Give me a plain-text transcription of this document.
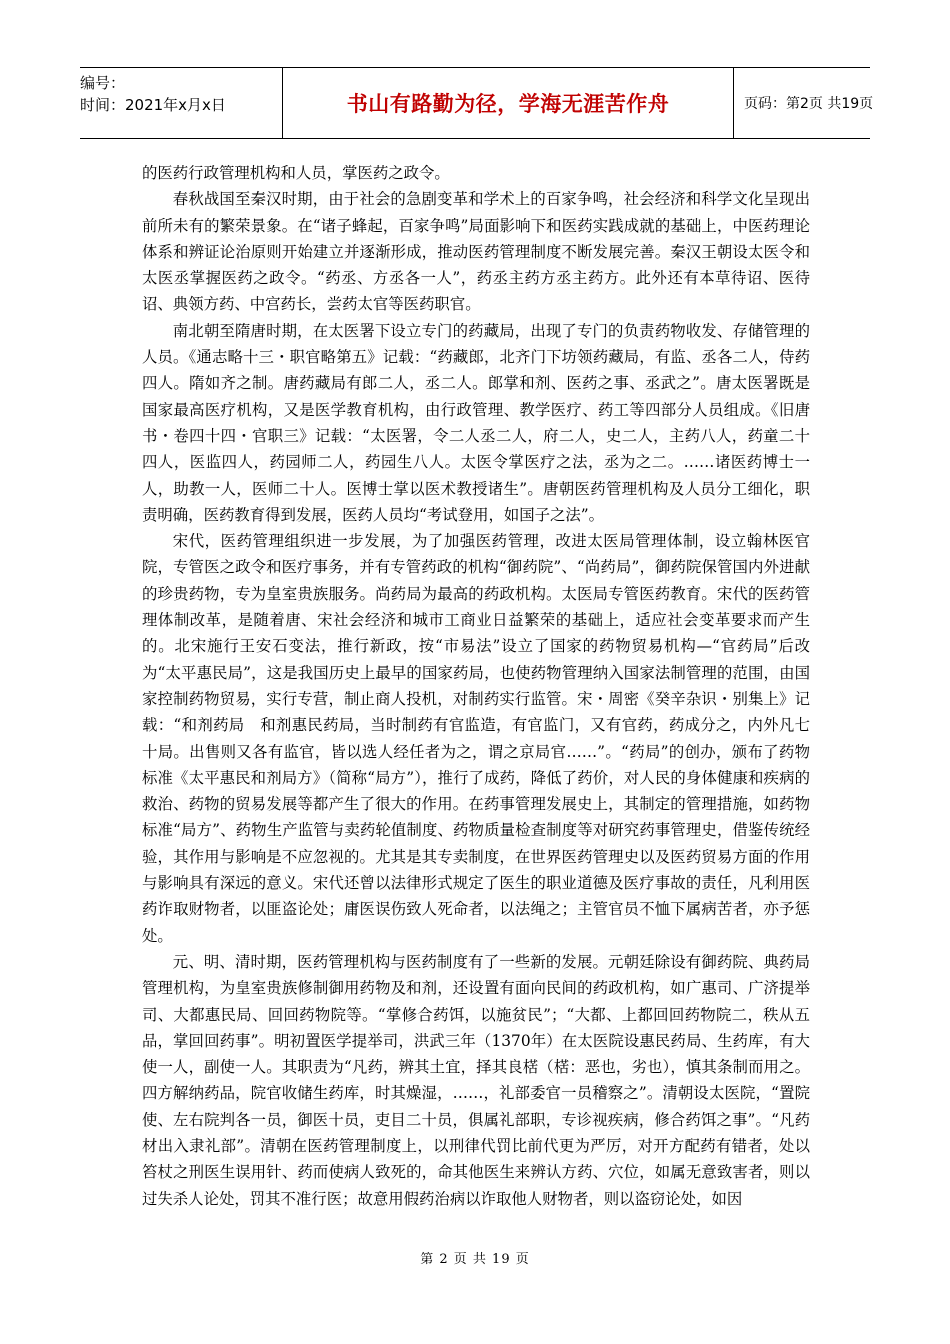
编号：
时间：2021年x月x日	书山有路勤为径，学海无涯苦作舟	页码：第2页 共19页

的医药行政管理机构和人员，掌医药之政令。

春秋战国至秦汉时期，由于社会的急剧变革和学术上的百家争鸣，社会经济和科学文化呈现出前所未有的繁荣景象。在“诸子蜂起，百家争鸣”局面影响下和医药实践成就的基础上，中医药理论体系和辨证论治原则开始建立并逐渐形成，推动医药管理制度不断发展完善。秦汉王朝设太医令和太医丞掌握医药之政令。“药丞、方丞各一人”，药丞主药方丞主药方。此外还有本草待诏、医待诏、典领方药、中宫药长，尝药太官等医药职官。

南北朝至隋唐时期，在太医署下设立专门的药藏局，出现了专门的负责药物收发、存储管理的人员。《通志略十三・职官略第五》记载：“药藏郎，北齐门下坊领药藏局，有监、丞各二人，侍药四人。隋如齐之制。唐药藏局有郎二人，丞二人。郎掌和剂、医药之事、丞武之”。唐太医署既是国家最高医疗机构，又是医学教育机构，由行政管理、教学医疗、药工等四部分人员组成。《旧唐书・卷四十四・官职三》记载：“太医署，令二人丞二人，府二人，史二人，主药八人，药童二十四人，医监四人，药园师二人，药园生八人。太医令掌医疗之法，丞为之二。……诸医药博士一人，助教一人，医师二十人。医博士掌以医术教授诸生”。唐朝医药管理机构及人员分工细化，职责明确，医药教育得到发展，医药人员均“考试登用，如国子之法”。

宋代，医药管理组织进一步发展，为了加强医药管理，改进太医局管理体制，设立翰林医官院，专管医之政令和医疗事务，并有专管药政的机构“御药院”、“尚药局”，御药院保管国内外进献的珍贵药物，专为皇室贵族服务。尚药局为最高的药政机构。太医局专管医药教育。宋代的医药管理体制改革，是随着唐、宋社会经济和城市工商业日益繁荣的基础上，适应社会变革要求而产生的。北宋施行王安石变法，推行新政，按“市易法”设立了国家的药物贸易机构—“官药局”后改为“太平惠民局”，这是我国历史上最早的国家药局，也使药物管理纳入国家法制管理的范围，由国家控制药物贸易，实行专营，制止商人投机，对制药实行监管。宋・周密《癸辛杂识・别集上》记载：“和剂药局　和剂惠民药局，当时制药有官监造，有官监门，又有官药，药成分之，内外凡七十局。出售则又各有监官，皆以选人经任者为之，谓之京局官……”。“药局”的创办，颁布了药物标准《太平惠民和剂局方》（简称“局方”），推行了成药，降低了药价，对人民的身体健康和疾病的救治、药物的贸易发展等都产生了很大的作用。在药事管理发展史上，其制定的管理措施，如药物标准“局方”、药物生产监管与卖药轮值制度、药物质量检查制度等对研究药事管理史，借鉴传统经验，其作用与影响是不应忽视的。尤其是其专卖制度，在世界医药管理史以及医药贸易方面的作用与影响具有深远的意义。宋代还曾以法律形式规定了医生的职业道德及医疗事故的责任，凡利用医药诈取财物者，以匪盗论处；庸医误伤致人死命者，以法绳之；主管官员不恤下属病苦者，亦予惩处。

元、明、清时期，医药管理机构与医药制度有了一些新的发展。元朝廷除设有御药院、典药局管理机构，为皇室贵族修制御用药物及和剂，还设置有面向民间的药政机构，如广惠司、广济提举司、大都惠民局、回回药物院等。“掌修合药饵，以施贫民”；“大都、上都回回药物院二，秩从五品，掌回回药事”。明初置医学提举司，洪武三年（1370年）在太医院设惠民药局、生药库，有大使一人，副使一人。其职责为“凡药，辨其土宜，择其良楛（楛：恶也，劣也），慎其条制而用之。四方解纳药品，院官收储生药库，时其燥湿，……，礼部委官一员稽察之”。清朝设太医院，“置院使、左右院判各一员，御医十员，吏目二十员，俱属礼部职，专诊视疾病，修合药饵之事”。“凡药材出入隶礼部”。清朝在医药管理制度上，以刑律代罚比前代更为严厉，对开方配药有错者，处以笞杖之刑医生误用针、药而使病人致死的，命其他医生来辨认方药、穴位，如属无意致害者，则以过失杀人论处，罚其不准行医；故意用假药治病以诈取他人财物者，则以盗窃论处，如因

第 2 页 共 19 页
